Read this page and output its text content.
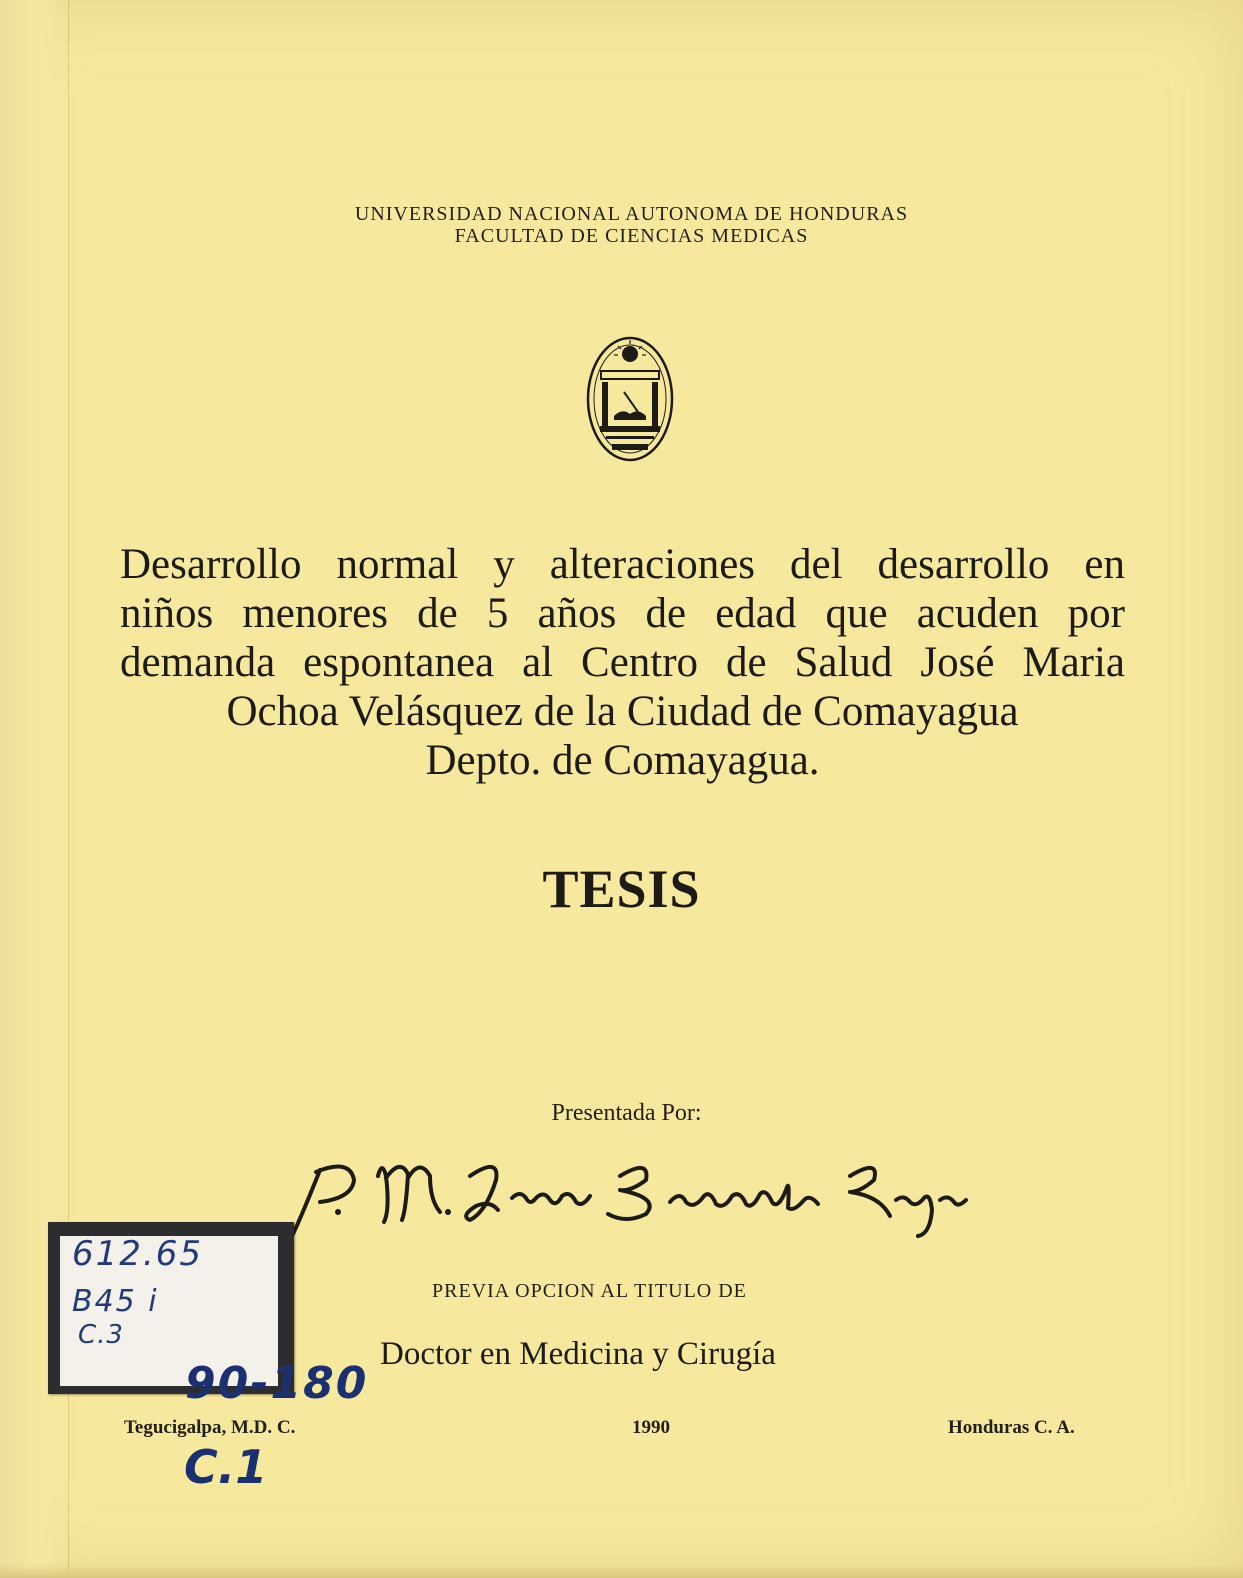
UNIVERSIDAD NACIONAL AUTONOMA DE HONDURAS
FACULTAD DE CIENCIAS MEDICAS
Desarrollo normal y alteraciones del desarrollo en
niños menores de 5 años de edad que acuden por
demanda espontanea al Centro de Salud José Maria
Ochoa Velásquez de la Ciudad de Comayagua
Depto. de Comayagua.
TESIS
Presentada Por:
PREVIA OPCION AL TITULO DE
Doctor en Medicina y Cirugía
Tegucigalpa, M.D. C.	1990	Honduras C. A.
612.65
B45 i
C.3
90-180
C.1
